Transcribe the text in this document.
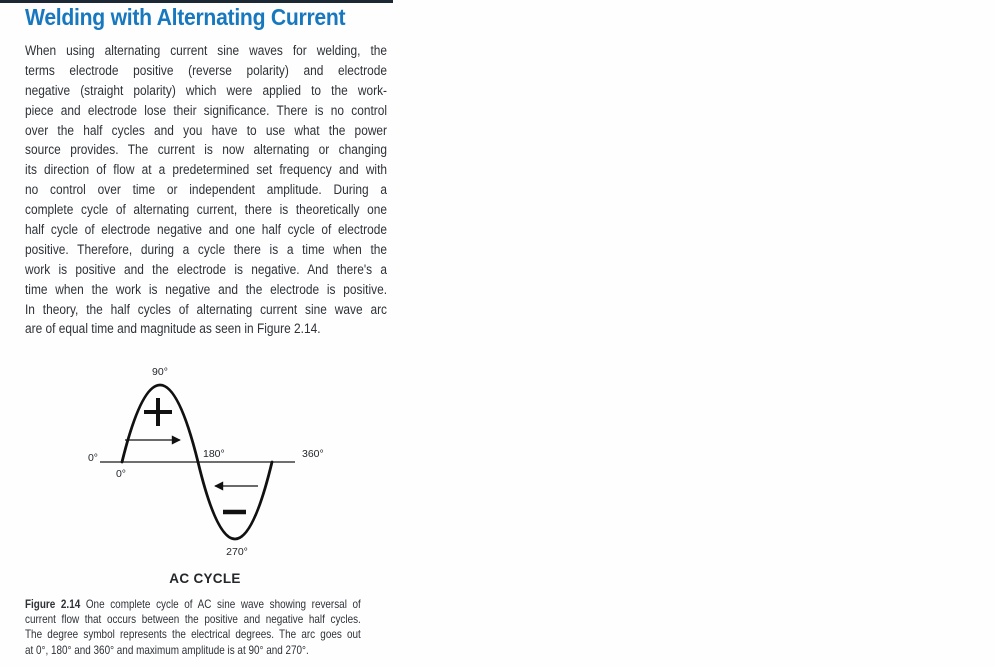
Welding with Alternating Current
When using alternating current sine waves for welding, the
terms electrode positive (reverse polarity) and electrode
negative (straight polarity) which were applied to the work-
piece and electrode lose their significance. There is no control
over the half cycles and you have to use what the power
source provides. The current is now alternating or changing
its direction of flow at a predetermined set frequency and with
no control over time or independent amplitude. During a
complete cycle of alternating current, there is theoretically one
half cycle of electrode negative and one half cycle of electrode
positive. Therefore, during a cycle there is a time when the
work is positive and the electrode is negative. And there's a
time when the work is negative and the electrode is positive.
In theory, the half cycles of alternating current sine wave arc
are of equal time and magnitude as seen in Figure 2.14.
0°
0°
90°
180°	360°
270°
AC CYCLE
Figure 2.14 One complete cycle of AC sine wave showing reversal of
current flow that occurs between the positive and negative half cycles.
The degree symbol represents the electrical degrees. The arc goes out
at 0°, 180° and 360° and maximum amplitude is at 90° and 270°.
